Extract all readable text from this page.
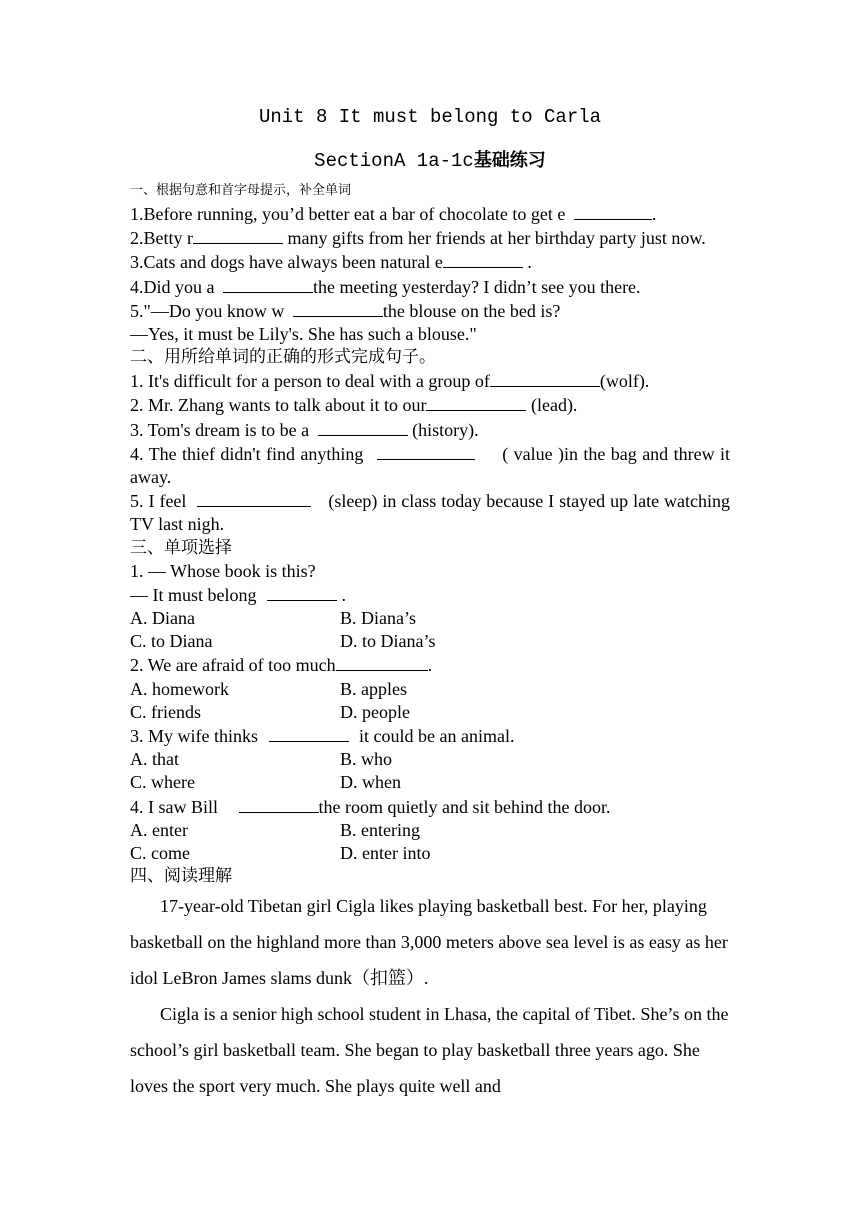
Unit 8 It must belong to Carla
SectionA 1a-1c基础练习
一、根据句意和首字母提示，补全单词
1.Before running, you’d better eat a bar of chocolate to get e	.
2.Betty r	many gifts from her friends at her birthday party just now.
3.Cats and dogs have always been natural e	.
4.Did you a	the meeting yesterday? I didn’t see you there.
5."—Do you know w	the blouse on the bed is?
—Yes, it must be Lily's. She has such a blouse."
二、用所给单词的正确的形式完成句子。
1. It's difficult for a person to deal with a group of	(wolf).
2. Mr. Zhang wants to talk about it to our	(lead).
3. Tom's dream is to be a	(history).
4. The thief didn't find anything	( value )in the bag and threw it away.
5. I feel	(sleep) in class today because I stayed up late watching TV last nigh.
三、单项选择
1. — Whose book is this?
— It must belong	.
A. Diana	B. Diana’s
C. to Diana	D. to Diana’s
2. We are afraid of too much	.
A. homework	B. apples
C. friends	D. people
3. My wife thinks	it could be an animal.
A. that	B. who
C. where	D. when
4. I saw Bill	the room quietly and sit behind the door.
A. enter	B. entering
C. come	D. enter into
四、阅读理解
17-year-old Tibetan girl Cigla likes playing basketball best. For her, playing basketball on the highland more than 3,000 meters above sea level is as easy as her idol LeBron James slams dunk（扣篮）.
Cigla is a senior high school student in Lhasa, the capital of Tibet. She’s on the school’s girl basketball team. She began to play basketball three years ago. She loves the sport very much. She plays quite well and
